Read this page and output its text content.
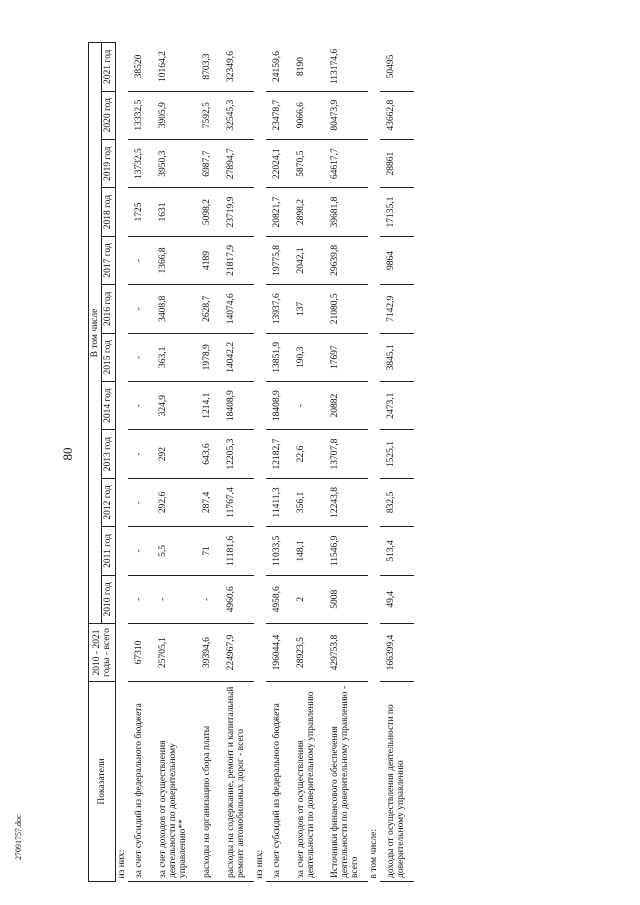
80
27091757.doc
Показатели	2010 - 2021 годы - всего	В том числе											
		2010 год	2011 год	2012 год	2013 год	2014 год	2015 год	2016 год	2017 год	2018 год	2019 год	2020 год	2021 год
из них:													
за счет субсидий из федерального бюджета	67310	-	-	-	-	-	-	-	-	1725	13732,5	13332,5	38520
за счет доходов от осуществления деятельности по доверительному управлению**	25705,1	-	5,5	292,6	292	324,9	363,1	3408,8	1366,8	1631	3950,3	3905,9	10164,2
расходы на организацию сбора платы	39394,6	-	71	287,4	643,6	1214,1	1978,9	2628,7	4189	5098,2	6987,7	7592,5	8703,3
расходы на содержание, ремонт и капитальный ремонт автомобильных дорог - всего	224967,9	4960,6	11181,6	11767,4	12205,3	18408,9	14042,2	14074,6	21817,9	23719,9	27894,7	32545,3	32349,6
из них:													
за счет субсидий из федерального бюджета	196044,4	4958,6	11033,5	11411,3	12182,7	18408,9	13851,9	13937,6	19775,8	20821,7	22024,1	23478,7	24159,6
за счет доходов от осуществления деятельности по доверительному управлению	28923,5	2	148,1	356,1	22,6	-	190,3	137	2042,1	2898,2	5870,5	9066,6	8190
Источники финансового обеспечения деятельности по доверительному управлению - всего	429753,8	5008	11546,9	12243,8	13707,8	20882	17697	21080,5	29639,8	39681,8	64617,7	80473,9	113174,6
в том числе:													
доходы от осуществления деятельности по доверительному управлению	166399,4	49,4	513,4	832,5	1525,1	2473,1	3845,1	7142,9	9864	17135,1	28861	43662,8	50495
